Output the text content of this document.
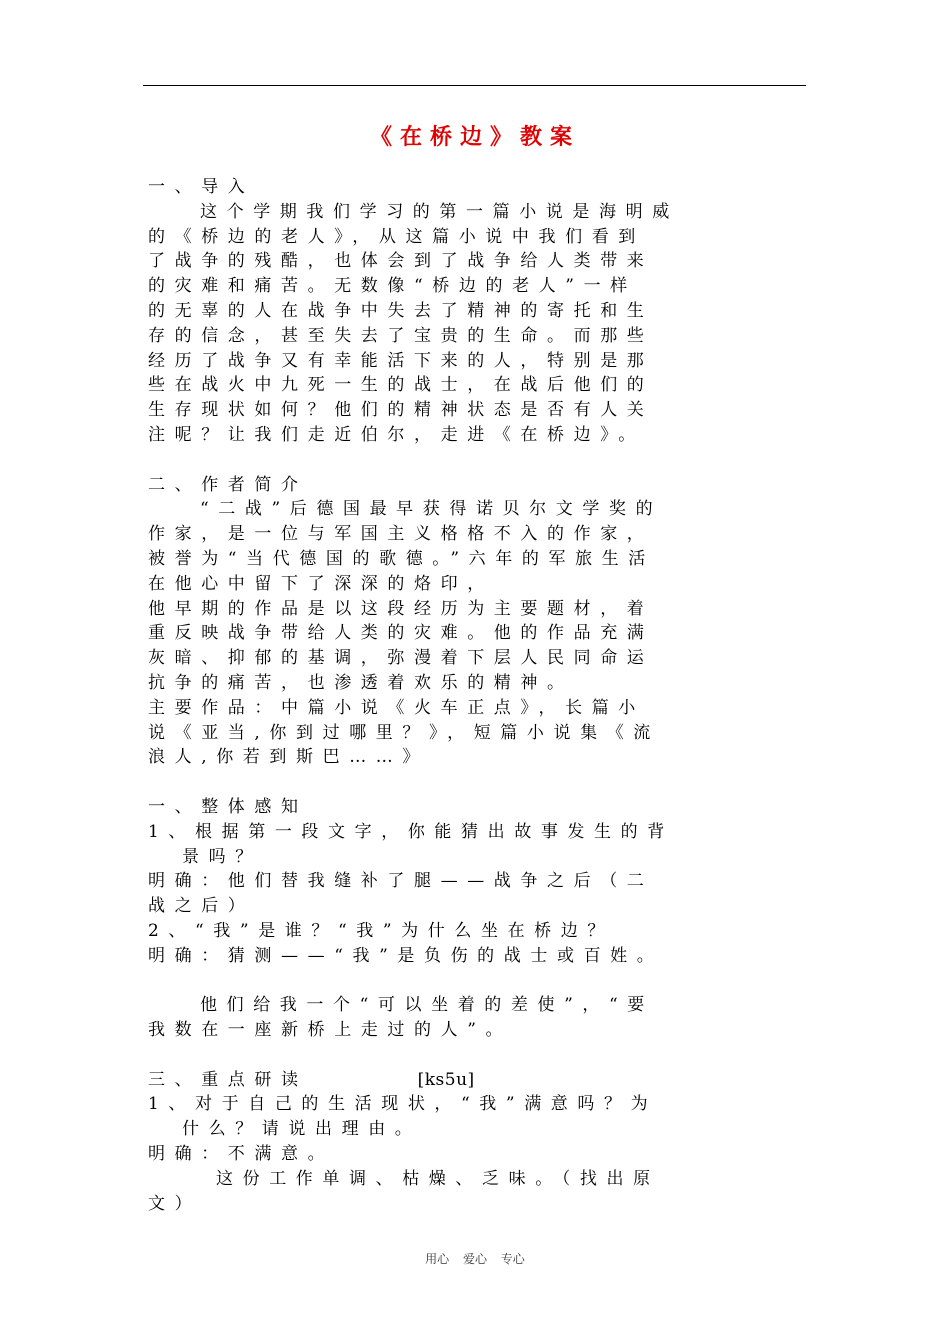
《在桥边》教案
一、导入
这个学期我们学习的第一篇小说是海明威
的《桥边的老人》，从这篇小说中我们看到
了战争的残酷，也体会到了战争给人类带来
的灾难和痛苦。无数像“桥边的老人”一样
的无辜的人在战争中失去了精神的寄托和生
存的信念，甚至失去了宝贵的生命。而那些
经历了战争又有幸能活下来的人，特别是那
些在战火中九死一生的战士，在战后他们的
生存现状如何？他们的精神状态是否有人关
注呢？让我们走近伯尔，走进《在桥边》。
二、作者简介
“二战”后德国最早获得诺贝尔文学奖的
作家，是一位与军国主义格格不入的作家，
被誉为“当代德国的歌德。”六年的军旅生活
在他心中留下了深深的烙印，
他早期的作品是以这段经历为主要题材，着
重反映战争带给人类的灾难。他的作品充满
灰暗、抑郁的基调，弥漫着下层人民同命运
抗争的痛苦，也渗透着欢乐的精神。
主要作品：中篇小说《火车正点》，长篇小
说《亚当,你到过哪里？》，短篇小说集《流
浪人,你若到斯巴……》
一、整体感知
1、根据第一段文字，你能猜出故事发生的背
景吗？
明确：他们替我缝补了腿——战争之后（二
战之后）
2、“我”是谁？“我”为什么坐在桥边？
明确：猜测——“我”是负伤的战士或百姓。
他们给我一个“可以坐着的差使”，“要
我数在一座新桥上走过的人”。
三、重点研读	[ks5u]
1、对于自己的生活现状，“我”满意吗？为
什么？请说出理由。
明确：不满意。
这份工作单调、枯燥、乏味。（找出原
文）
用心 爱心 专心
